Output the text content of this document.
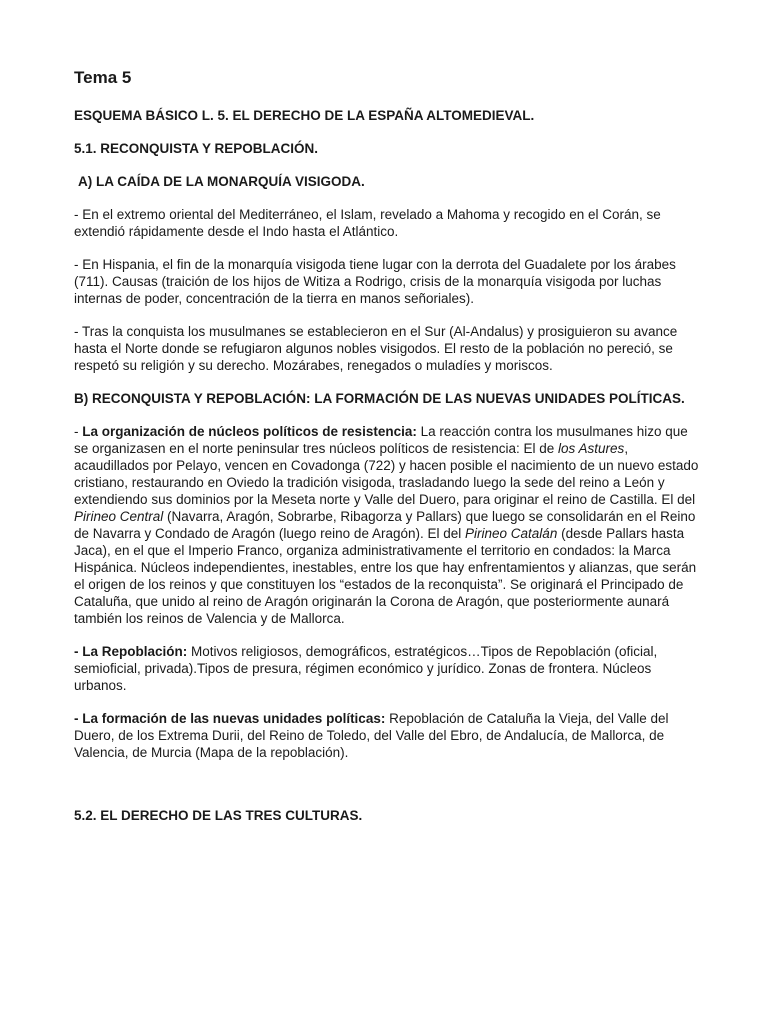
Tema 5
ESQUEMA BÁSICO L. 5. EL DERECHO DE LA ESPAÑA ALTOMEDIEVAL.
5.1. RECONQUISTA Y REPOBLACIÓN.
A) LA CAÍDA DE LA MONARQUÍA VISIGODA.
- En el extremo oriental del Mediterráneo, el Islam, revelado a Mahoma y recogido en el Corán, se extendió rápidamente desde el Indo hasta el Atlántico.
- En Hispania, el fin de la monarquía visigoda tiene lugar con la derrota del Guadalete por los árabes (711). Causas (traición de los hijos de Witiza a Rodrigo, crisis de la monarquía visigoda por luchas internas de poder, concentración de la tierra en manos señoriales).
- Tras la conquista los musulmanes se establecieron en el Sur (Al-Andalus) y prosiguieron su avance hasta el Norte donde se refugiaron algunos nobles visigodos. El resto de la población no pereció, se respetó su religión y su derecho. Mozárabes, renegados o muladíes y moriscos.
B) RECONQUISTA Y REPOBLACIÓN: LA FORMACIÓN DE LAS NUEVAS UNIDADES POLÍTICAS.
- La organización de núcleos políticos de resistencia: La reacción contra los musulmanes hizo que se organizasen en el norte peninsular tres núcleos políticos de resistencia: El de los Astures, acaudillados por Pelayo, vencen en Covadonga (722) y hacen posible el nacimiento de un nuevo estado cristiano, restaurando en Oviedo la tradición visigoda, trasladando luego la sede del reino a León y extendiendo sus dominios por la Meseta norte y Valle del Duero, para originar el reino de Castilla. El del Pirineo Central (Navarra, Aragón, Sobrarbe, Ribagorza y Pallars) que luego se consolidarán en el Reino de Navarra y Condado de Aragón (luego reino de Aragón). El del Pirineo Catalán (desde Pallars hasta Jaca), en el que el Imperio Franco, organiza administrativamente el territorio en condados: la Marca Hispánica. Núcleos independientes, inestables, entre los que hay enfrentamientos y alianzas, que serán el origen de los reinos y que constituyen los “estados de la reconquista”. Se originará el Principado de Cataluña, que unido al reino de Aragón originarán la Corona de Aragón, que posteriormente aunará también los reinos de Valencia y de Mallorca.
- La Repoblación: Motivos religiosos, demográficos, estratégicos…Tipos de Repoblación (oficial, semioficial, privada).Tipos de presura, régimen económico y jurídico. Zonas de frontera. Núcleos urbanos.
- La formación de las nuevas unidades políticas: Repoblación de Cataluña la Vieja, del Valle del Duero, de los Extrema Durii, del Reino de Toledo, del Valle del Ebro, de Andalucía, de Mallorca, de Valencia, de Murcia (Mapa de la repoblación).
5.2. EL DERECHO DE LAS TRES CULTURAS.
